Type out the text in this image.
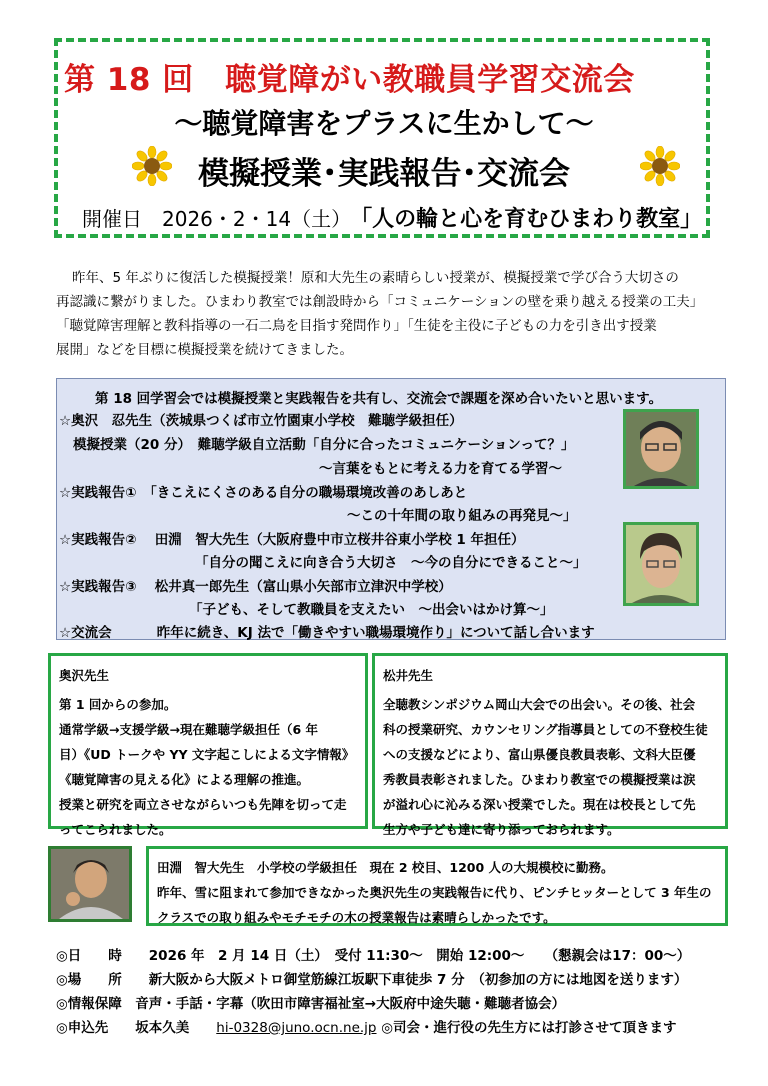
第 18 回　聴覚障がい教職員学習交流会
～聴覚障害をプラスに生かして～
模擬授業･実践報告･交流会
開催日　2026・2・14（土） 「人の輪と心を育むひまわり教室」
昨年、5 年ぶりに復活した模擬授業！原和大先生の素晴らしい授業が、模擬授業で学び合う大切さの
再認識に繋がりました。ひまわり教室では創設時から「コミュニケーションの壁を乗り越える授業の工夫」
「聴覚障害理解と教科指導の一石二鳥を目指す発問作り」「生徒を主役に子どもの力を引き出す授業
展開」などを目標に模擬授業を続けてきました。
第 18 回学習会では模擬授業と実践報告を共有し、交流会で課題を深め合いたいと思います。
☆奥沢　忍先生（茨城県つくば市立竹園東小学校　難聴学級担任）
模擬授業（20 分）　難聴学級自立活動「自分に合ったコミュニケーションって？」
～言葉をもとに考える力を育てる学習～
☆実践報告①　「きこえにくさのある自分の職場環境改善のあしあと
～この十年間の取り組みの再発見～」
☆実践報告②　 田淵　智大先生（大阪府豊中市立桜井谷東小学校 1 年担任）
「自分の聞こえに向き合う大切さ　～今の自分にできること～」
☆実践報告③　 松井真一郎先生（富山県小矢部市立津沢中学校）
「子ども、そして教職員を支えたい　～出会いはかけ算～」
☆交流会　　　 昨年に続き、KJ 法で「働きやすい職場環境作り」について話し合います
奥沢先生
第 1 回からの参加。
通常学級→支援学級→現在難聴学級担任（6 年
目）《UD トークや YY 文字起こしによる文字情報》
《聴覚障害の見える化》による理解の推進。
授業と研究を両立させながらいつも先陣を切って走
ってこられました。
松井先生
全聴教シンポジウム岡山大会での出会い。その後、社会
科の授業研究、カウンセリング指導員としての不登校生徒
への支援などにより、富山県優良教員表彰、文科大臣優
秀教員表彰されました。ひまわり教室での模擬授業は涙
が溢れ心に沁みる深い授業でした。現在は校長として先
生方や子ども達に寄り添っておられます。
田淵　智大先生　小学校の学級担任　現在 2 校目、1200 人の大規模校に勤務。
昨年、雪に阻まれて参加できなかった奥沢先生の実践報告に代り、ピンチヒッターとして 3 年生の
クラスでの取り組みやモチモチの木の授業報告は素晴らしかったです。
◎日　　時　　2026 年　2 月 14 日（土）　受付 11:30～　開始 12:00～　　（懇親会は17：00～）
◎場　　所　　新大阪から大阪メトロ御堂筋線江坂駅下車徒歩 7 分　（初参加の方には地図を送ります）
◎情報保障　音声・手話・字幕（吹田市障害福祉室→大阪府中途失聴・難聴者協会）
◎申込先　　坂本久美　　hi-0328@juno.ocn.ne.jp ◎司会・進行役の先生方には打診させて頂きます
